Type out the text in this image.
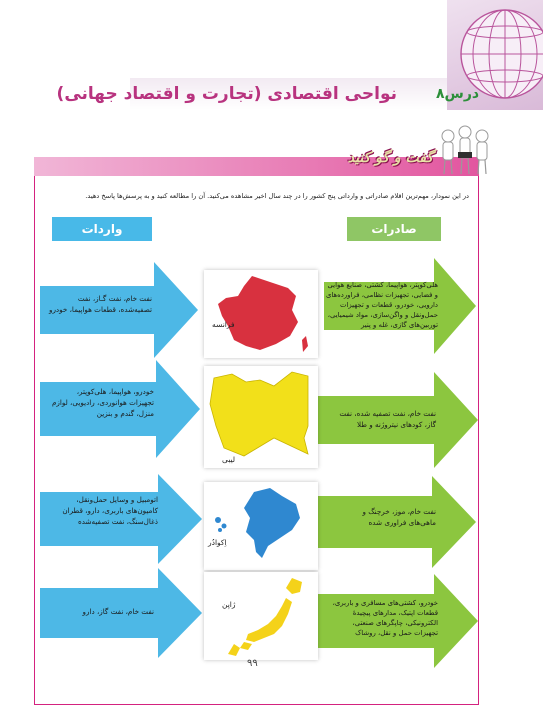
نواحی اقتصادی (تجارت و اقتصاد جهانی)	درس۸
گفت و گو کنید
در این نمودار، مهم‌ترین اقلام صادراتی و وارداتی پنج کشور را در چند سال اخیر مشاهده می‌کنید. آن را مطالعه کنید و به پرسش‌ها پاسخ دهید.
واردات	صادرات
نفت خام، نفت گـاز، نفت تصفیه‌شده، قطعات هواپیما، خودرو
هلی‌کوپتر، هواپیما، کشتی، صنایع هوایی و فضایی، تجهیزات نظامی، فراورده‌های دارویی، خودرو، قطعات و تجهیزات حمل‌ونقل و واگن‌سازی، مواد شیمیایی، توربین‌های گازی، غله و پنیر
فرانسه
خودرو، هواپیما، هلی‌کوپتر، تجهیزات هوانوردی، رادیویی، لوازم منزل، گندم و بنزین	نفت خام، نفت تصفیه شده، نفت گاز، کودهای نیتروژنه و طلا
لیبی
اتومبیل و وسایل حمل‌ونقل، کامیون‌های باربری، دارو، قطران ذغال‌سنگ، نفت تصفیه‌شده
نفت خام، موز، خرچنگ و ماهی‌های فراوری شده
اِکوادُر
نفت خام، نفت گاز، دارو
خودرو، کشتی‌های مسافری و باربری، قطعات اپتیک، مدارهای پیچیدهٔ الکترونیکی، چاپگرهای صنعتی، تجهیزات حمل و نقل، روشاک
ژاپن
۹۹
